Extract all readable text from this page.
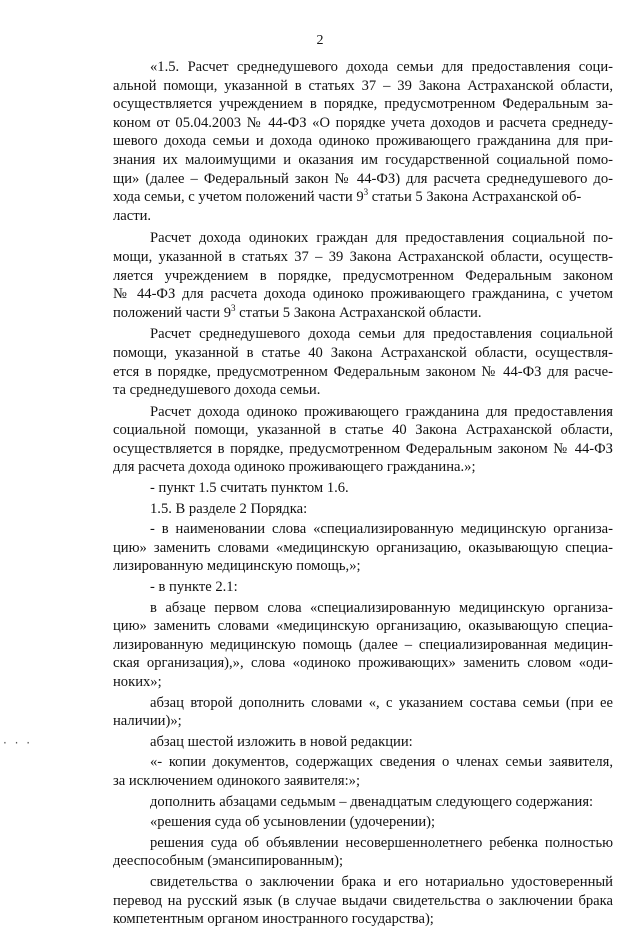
2
«1.5. Расчет среднедушевого дохода семьи для предоставления соци-
альной помощи, указанной в статьях 37 – 39 Закона Астраханской области,
осуществляется учреждением в порядке, предусмотренном Федеральным за-
коном от 05.04.2003 № 44-ФЗ «О порядке учета доходов и расчета среднеду-
шевого дохода семьи и дохода одиноко проживающего гражданина для при-
знания их малоимущими и оказания им государственной социальной помо-
щи» (далее – Федеральный закон № 44-ФЗ) для расчета среднедушевого до-
хода семьи, с учетом положений части $9^3$ статьи 5 Закона Астраханской об-
ласти.
Расчет дохода одиноких граждан для предоставления социальной по-
мощи, указанной в статьях 37 – 39 Закона Астраханской области, осуществ-
ляется учреждением в порядке, предусмотренном Федеральным законом
№ 44-ФЗ для расчета дохода одиноко проживающего гражданина, с учетом
положений части $9^3$ статьи 5 Закона Астраханской области.
Расчет среднедушевого дохода семьи для предоставления социальной
помощи, указанной в статье 40 Закона Астраханской области, осуществля-
ется в порядке, предусмотренном Федеральным законом № 44-ФЗ для расче-
та среднедушевого дохода семьи.
Расчет дохода одиноко проживающего гражданина для предоставления
социальной помощи, указанной в статье 40 Закона Астраханской области,
осуществляется в порядке, предусмотренном Федеральным законом № 44-ФЗ
для расчета дохода одиноко проживающего гражданина.»;
- пункт 1.5 считать пунктом 1.6.
1.5. В разделе 2 Порядка:
- в наименовании слова «специализированную медицинскую организа-
цию» заменить словами «медицинскую организацию, оказывающую специа-
лизированную медицинскую помощь,»;
- в пункте 2.1:
в абзаце первом слова «специализированную медицинскую организа-
цию» заменить словами «медицинскую организацию, оказывающую специа-
лизированную медицинскую помощь (далее – специализированная медицин-
ская организация),», слова «одиноко проживающих» заменить словом «оди-
ноких»;
абзац второй дополнить словами «, с указанием состава семьи (при ее
наличии)»;
абзац шестой изложить в новой редакции:
«- копии документов, содержащих сведения о членах семьи заявителя,
за исключением одинокого заявителя:»;
дополнить абзацами седьмым – двенадцатым следующего содержания:
«решения суда об усыновлении (удочерении);
решения суда об объявлении несовершеннолетнего ребенка полностью
дееспособным (эмансипированным);
свидетельства о заключении брака и его нотариально удостоверенный
перевод на русский язык (в случае выдачи свидетельства о заключении брака
компетентным органом иностранного государства);
· · ·
